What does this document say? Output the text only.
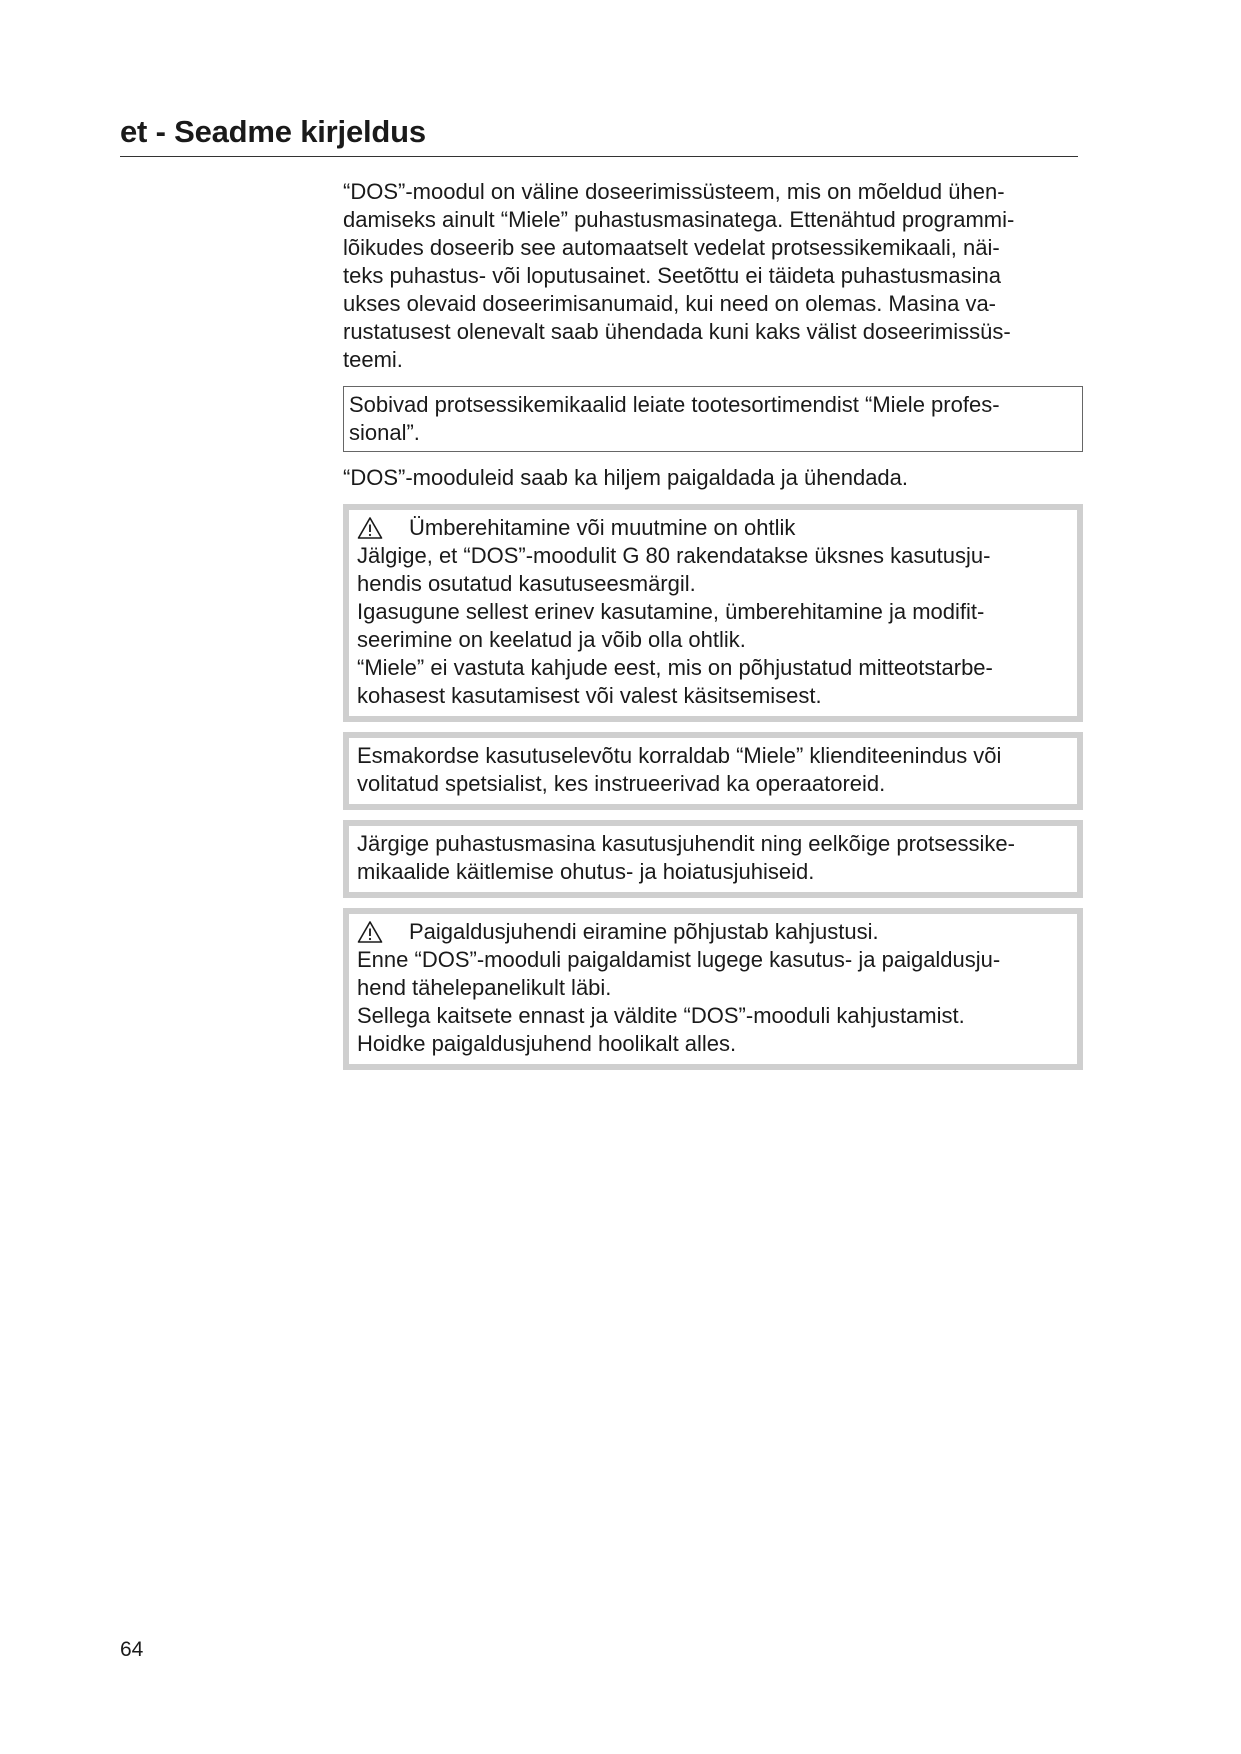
et - Seadme kirjeldus

“DOS”-moodul on väline doseerimissüsteem, mis on mõeldud ühen-
damiseks ainult “Miele” puhastusmasinatega. Ettenähtud programmi-
lõikudes doseerib see automaatselt vedelat protsessikemikaali, näi-
teks puhastus- või loputusainet. Seetõttu ei täideta puhastusmasina
ukses olevaid doseerimisanumaid, kui need on olemas. Masina va-
rustatusest olenevalt saab ühendada kuni kaks välist doseerimissüs-
teemi.

Sobivad protsessikemikaalid leiate tootesortimendist “Miele profes-
sional”.

“DOS”-mooduleid saab ka hiljem paigaldada ja ühendada.

Ümberehitamine või muutmine on ohtlik

Jälgige, et “DOS”-moodulit G 80 rakendatakse üksnes kasutusju-
hendis osutatud kasutuseesmärgil.
Igasugune sellest erinev kasutamine, ümberehitamine ja modifit-
seerimine on keelatud ja võib olla ohtlik.
“Miele” ei vastuta kahjude eest, mis on põhjustatud mitteotstarbe-
kohasest kasutamisest või valest käsitsemisest.

Esmakordse kasutuselevõtu korraldab “Miele” klienditeenindus või
volitatud spetsialist, kes instrueerivad ka operaatoreid.

Järgige puhastusmasina kasutusjuhendit ning eelkõige protsessike-
mikaalide käitlemise ohutus- ja hoiatusjuhiseid.

Paigaldusjuhendi eiramine põhjustab kahjustusi.

Enne “DOS”-mooduli paigaldamist lugege kasutus- ja paigaldusju-
hend tähelepanelikult läbi.
Sellega kaitsete ennast ja väldite “DOS”-mooduli kahjustamist.
Hoidke paigaldusjuhend hoolikalt alles.

64
